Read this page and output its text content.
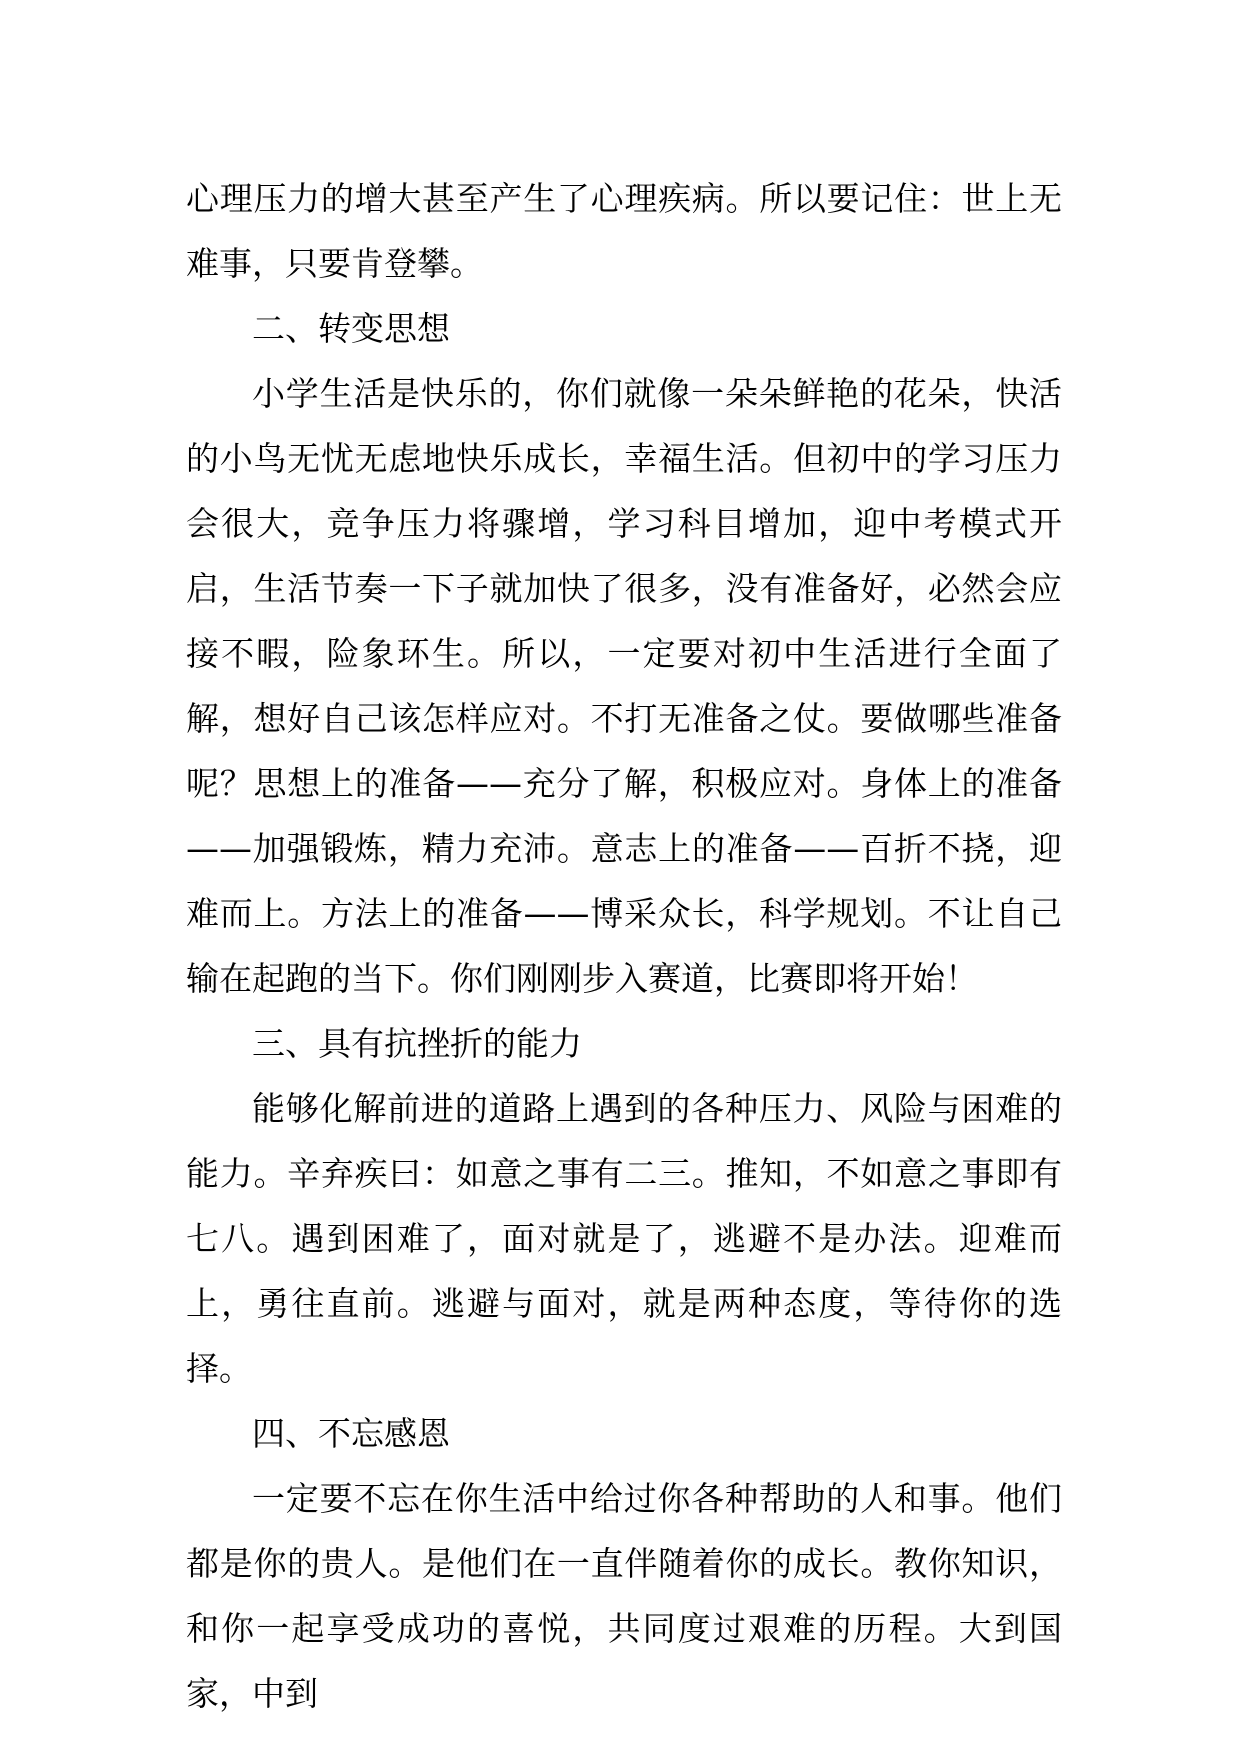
心理压力的增大甚至产生了心理疾病。所以要记住：世上无难事，只要肯登攀。

二、转变思想

小学生活是快乐的，你们就像一朵朵鲜艳的花朵，快活的小鸟无忧无虑地快乐成长，幸福生活。但初中的学习压力会很大，竞争压力将骤增，学习科目增加，迎中考模式开启，生活节奏一下子就加快了很多，没有准备好，必然会应接不暇，险象环生。所以，一定要对初中生活进行全面了解，想好自己该怎样应对。不打无准备之仗。要做哪些准备呢？思想上的准备——充分了解，积极应对。身体上的准备——加强锻炼，精力充沛。意志上的准备——百折不挠，迎难而上。方法上的准备——博采众长，科学规划。不让自己输在起跑的当下。你们刚刚步入赛道，比赛即将开始！

三、具有抗挫折的能力

能够化解前进的道路上遇到的各种压力、风险与困难的能力。辛弃疾曰：如意之事有二三。推知，不如意之事即有七八。遇到困难了，面对就是了，逃避不是办法。迎难而上，勇往直前。逃避与面对，就是两种态度，等待你的选择。

四、不忘感恩

一定要不忘在你生活中给过你各种帮助的人和事。他们都是你的贵人。是他们在一直伴随着你的成长。教你知识，和你一起享受成功的喜悦，共同度过艰难的历程。大到国家，中到
